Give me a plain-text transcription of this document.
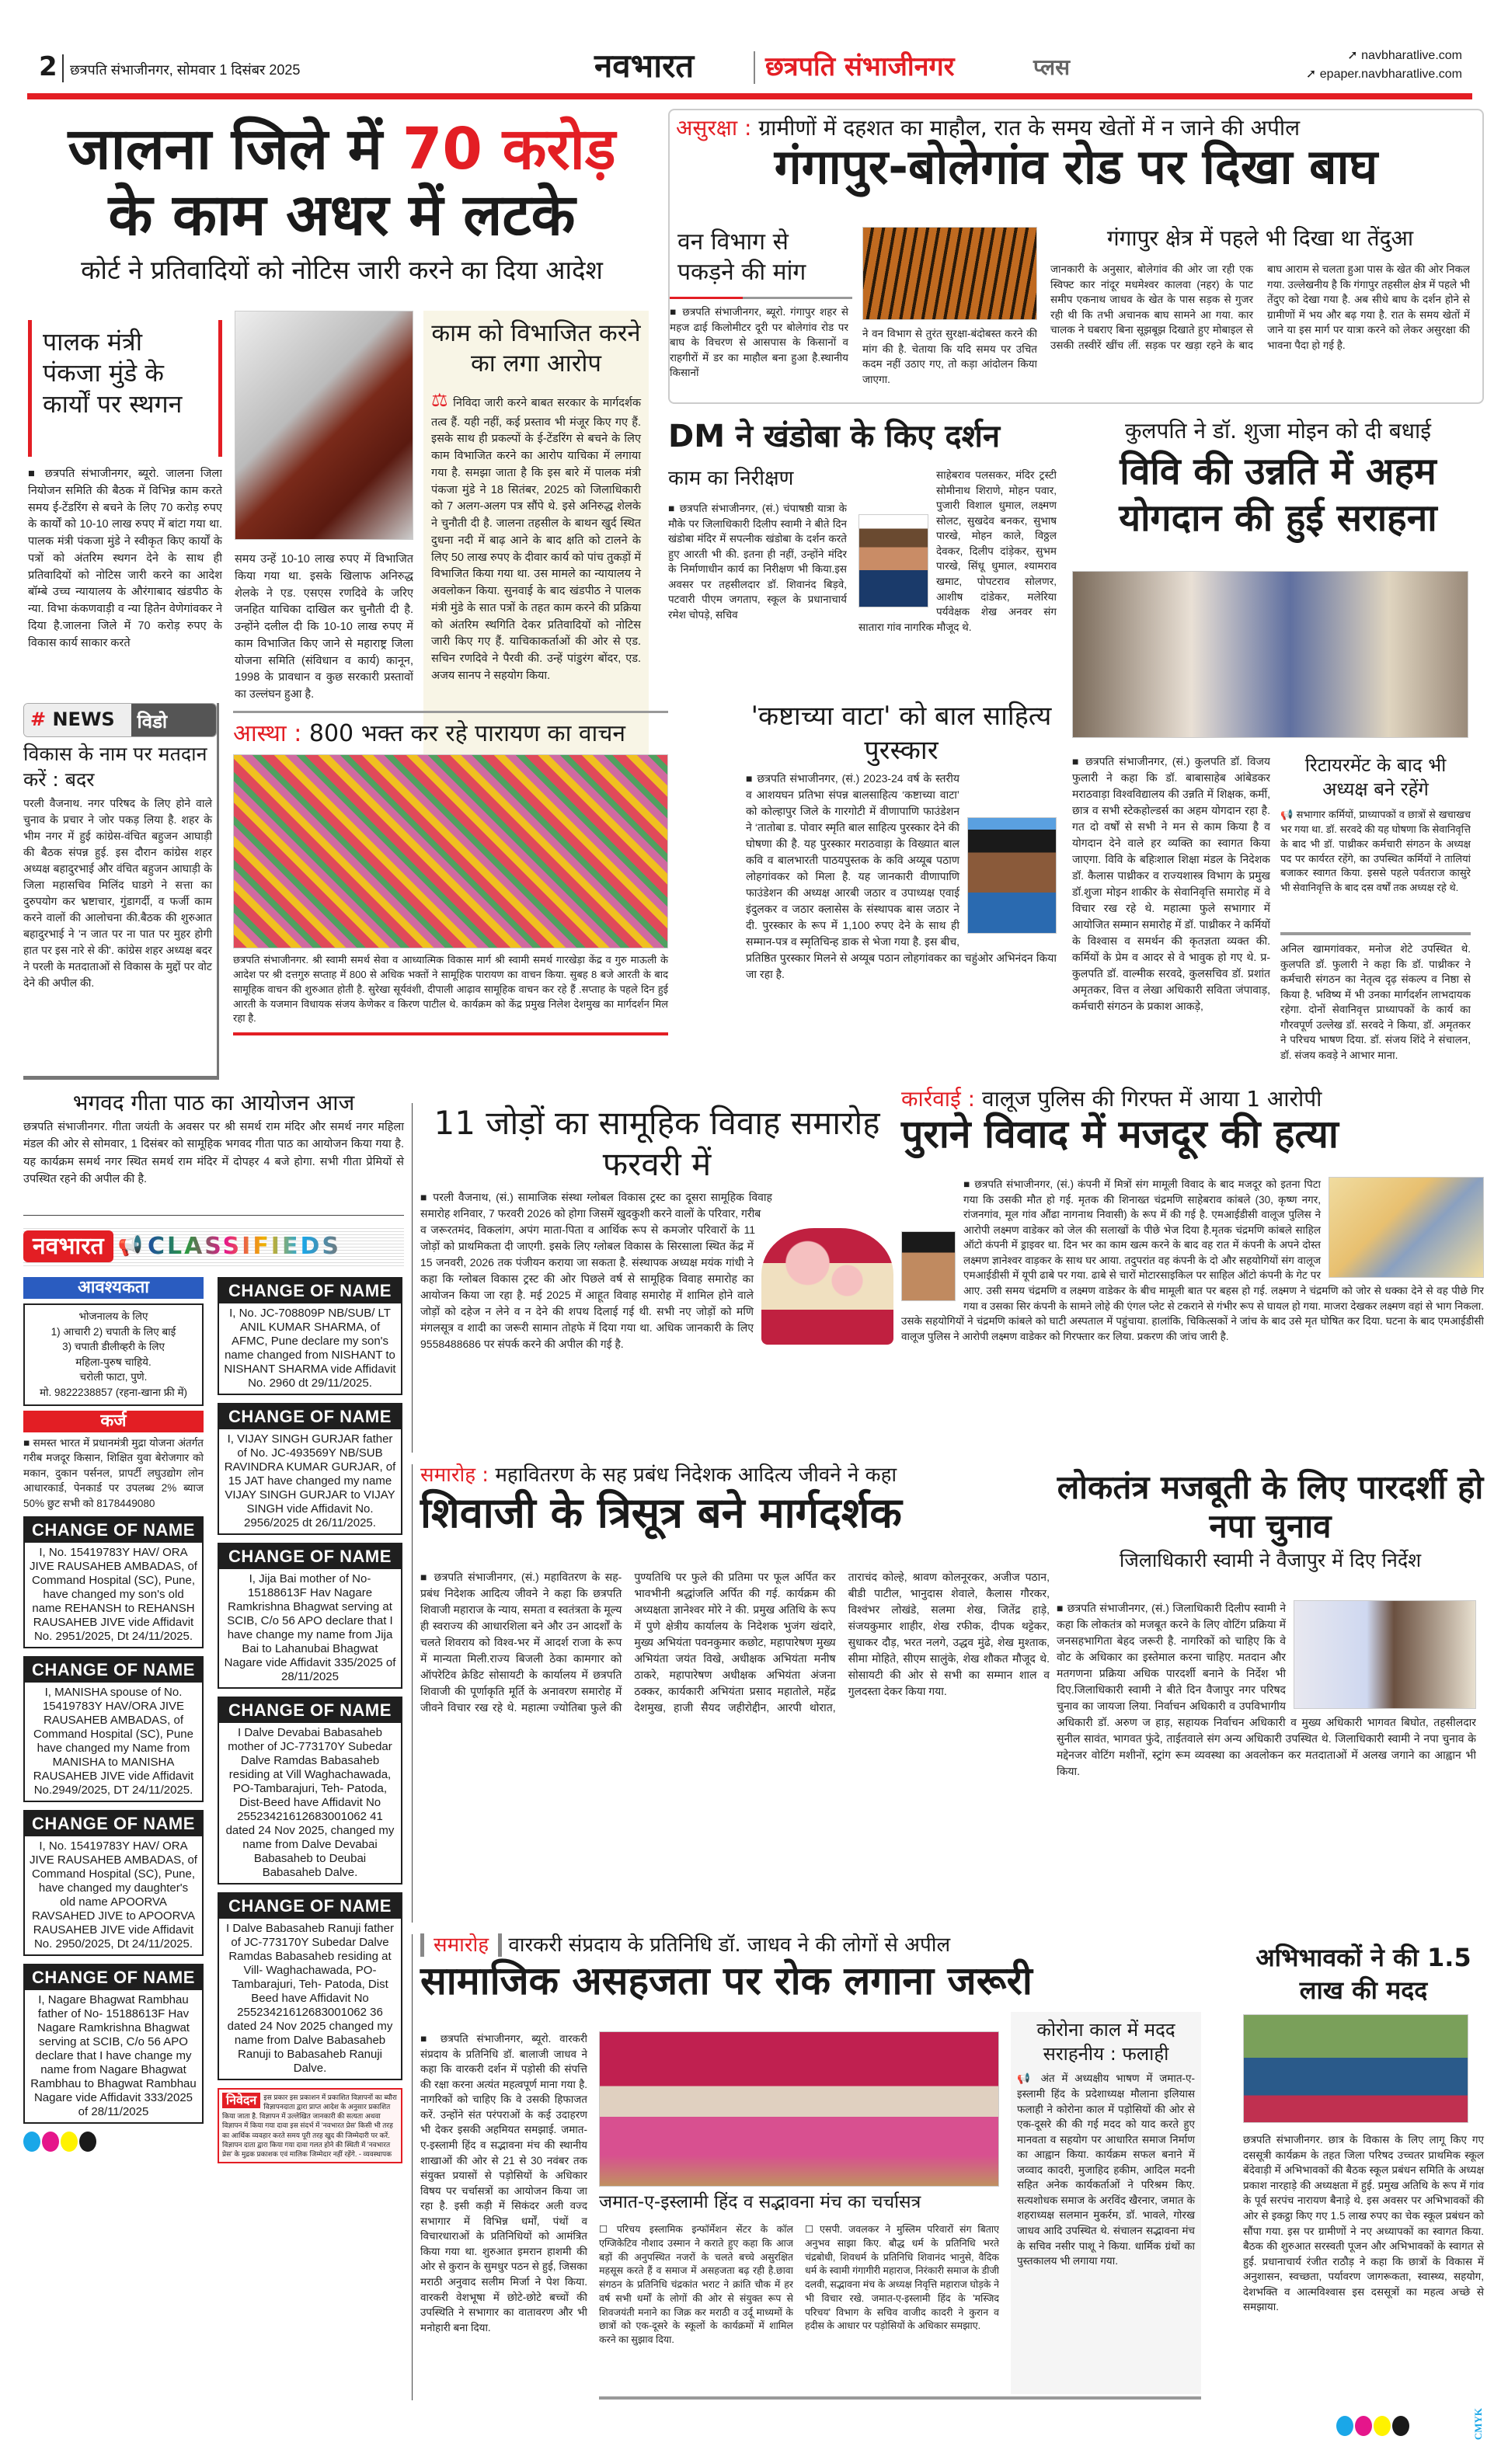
2 छत्रपति संभाजीनगर, सोमवार 1 दिसंबर 2025	नवभारत	छत्रपति संभाजीनगर	प्लस	➚ navbharatlive.com
➚ epaper.navbharatlive.com
जालना जिले में 70 करोड़
के काम अधर में लटके
कोर्ट ने प्रतिवादियों को नोटिस जारी करने का दिया आदेश
पालक मंत्री पंकजा मुंडे के कार्यों पर स्थगन
■ छत्रपति संभाजीनगर, ब्यूरो. जालना जिला नियोजन समिति की बैठक में विभिन्न काम करते समय ई-टेंडरिंग से बचने के लिए 70 करोड़ रुपए के कार्यों को 10-10 लाख रुपए में बांटा गया था. पालक मंत्री पंकजा मुंडे ने स्वीकृत किए कार्यों के पत्रों को अंतरिम स्थगन देने के साथ ही प्रतिवादियों को नोटिस जारी करने का आदेश बॉम्बे उच्च न्यायालय के औरंगाबाद खंडपीठ के न्या. विभा कंकणवाड़ी व न्या हितेन वेणेगांवकर ने दिया है.जालना जिले में 70 करोड़ रुपए के विकास कार्य साकार करते
समय उन्हें 10-10 लाख रुपए में विभाजित किया गया था. इसके खिलाफ अनिरुद्ध शेलके ने एड. एसएस रणदिवे के जरिए जनहित याचिका दाखिल कर चुनौती दी है. उन्होंने दलील दी कि 10-10 लाख रुपए में काम विभाजित किए जाने से महाराष्ट्र जिला योजना समिति (संविधान व कार्य) कानून, 1998 के प्रावधान व कुछ सरकारी प्रस्तावों का उल्लंघन हुआ है.
काम को विभाजित करने का लगा आरोप
⚖ निविदा जारी करने बाबत सरकार के मार्गदर्शक तत्व हैं. यही नहीं, कई प्रस्ताव भी मंजूर किए गए हैं. इसके साथ ही प्रकल्पों के ई-टेंडरिंग से बचने के लिए काम विभाजित करने का आरोप याचिका में लगाया गया है. समझा जाता है कि इस बारे में पालक मंत्री पंकजा मुंडे ने 18 सितंबर, 2025 को जिलाधिकारी को 7 अलग-अलग पत्र सौंपे थे. इसे अनिरुद्ध शेलके ने चुनौती दी है. जालना तहसील के बाथन खुर्द स्थित दुधना नदी में बाढ़ आने के बाद क्षति को टालने के लिए 50 लाख रुपए के दीवार कार्य को पांच तुकड़ों में विभाजित किया गया था. उस मामले का न्यायालय ने अवलोकन किया. सुनवाई के बाद खंडपीठ ने पालक मंत्री मुंडे के सात पत्रों के तहत काम करने की प्रक्रिया को अंतरिम स्थगिति देकर प्रतिवादियों को नोटिस जारी किए गए हैं. याचिकाकर्ताओं की ओर से एड. सचिन रणदिवे ने पैरवी की. उन्हें पांडुरंग बोंदर, एड. अजय सानप ने सहयोग किया.
असुरक्षा : ग्रामीणों में दहशत का माहौल, रात के समय खेतों में न जाने की अपील
गंगापुर-बोलेगांव रोड पर दिखा बाघ
वन विभाग से पकड़ने की मांग
■ छत्रपति संभाजीनगर, ब्यूरो. गंगापुर शहर से महज ढाई किलोमीटर दूरी पर बोलेगांव रोड पर बाघ के विचरण से आसपास के किसानों व राहगीरों में डर का माहौल बना हुआ है.स्थानीय किसानों
ने वन विभाग से तुरंत सुरक्षा-बंदोबस्त करने की मांग की है. चेताया कि यदि समय पर उचित कदम नहीं उठाए गए, तो कड़ा आंदोलन किया जाएगा.
गंगापुर क्षेत्र में पहले भी दिखा था तेंदुआ
जानकारी के अनुसार, बोलेगांव की ओर जा रही एक स्विफ्ट कार नांदूर मधमेश्वर कालवा (नहर) के पाट समीप एकनाथ जाधव के खेत के पास सड़क से गुजर रही थी कि तभी अचानक बाघ सामने आ गया. कार चालक ने घबराए बिना सूझबूझ दिखाते हुए मोबाइल से उसकी तस्वीरें खींच लीं. सड़क पर खड़ा रहने के बाद बाघ आराम से चलता हुआ पास के खेत की ओर निकल गया. उल्लेखनीय है कि गंगापुर तहसील क्षेत्र में पहले भी तेंदुए को देखा गया है. अब सीधे बाघ के दर्शन होने से ग्रामीणों में भय और बढ़ गया है. रात के समय खेतों में जाने या इस मार्ग पर यात्रा करने को लेकर असुरक्षा की भावना पैदा हो गई है.
DM ने खंडोबा के किए दर्शन
काम का निरीक्षण
■ छत्रपति संभाजीनगर, (सं.) चंपाषष्ठी यात्रा के मौके पर जिलाधिकारी दिलीप स्वामी ने बीते दिन खंडोबा मंदिर में सपत्नीक खंडोबा के दर्शन करते हुए आरती भी की. इतना ही नहीं, उन्होंने मंदिर के निर्माणाधीन कार्य का निरीक्षण भी किया.इस अवसर पर तहसीलदार डॉ. शिवानंद बिड़वे, पटवारी पीएम जगताप, स्कूल के प्रधानाचार्य रमेश चोपड़े, सचिव
साहेबराव पलसकर, मंदिर ट्रस्टी सोमीनाथ शिराणे, मोहन पवार, पुजारी विशाल धुमाल, लक्ष्मण सोलट, सुखदेव बनकर, सुभाष पारखे, मोहन काले, विठ्ठल देवकर, दिलीप दांड़ेकर, सुभम पारखे, सिंधू धुमाल, श्यामराव खमाट, पोपटराव सोलणर, आशीष दांडेकर, मलेरिया पर्यवेक्षक शेख अनवर संग सातारा गांव नागरिक मौजूद थे.
कुलपति ने डॉ. शुजा मोइन को दी बधाई
विवि की उन्नति में अहम योगदान की हुई सराहना
■ छत्रपति संभाजीनगर, (सं.) कुलपति डॉ. विजय फुलारी ने कहा कि डॉ. बाबासाहेब आंबेडकर मराठवाड़ा विश्वविद्यालय की उन्नति में शिक्षक, कर्मी, छात्र व सभी स्टेकहोल्डर्स का अहम योगदान रहा है. गत दो वर्षों से सभी ने मन से काम किया है व योगदान देने वाले हर व्यक्ति का स्वागत किया जाएगा. विवि के बहिःशाल शिक्षा मंडल के निदेशक डॉ. कैलास पाथ्रीकर व राज्यशास्त्र विभाग के प्रमुख डॉ.शुजा मोइन शाकीर के सेवानिवृत्ति समारोह में वे विचार रख रहे थे. महात्मा फुले सभागार में आयोजित सम्मान समारोह में डॉ. पाथ्रीकर ने कर्मियों के विश्वास व समर्थन की कृतज्ञता व्यक्त की. कर्मियों के प्रेम व आदर से वे भावुक हो गए थे. प्र-कुलपति डॉ. वाल्मीक सरवदे, कुलसचिव डॉ. प्रशांत अमृतकर, वित्त व लेखा अधिकारी सविता जंपावाड़, कर्मचारी संगठन के प्रकाश आकड़े,
रिटायरमेंट के बाद भी अध्यक्ष बने रहेंगे
📢 सभागार कर्मियों, प्राध्यापकों व छात्रों से खचाखच भर गया था. डॉ. सरवदे की यह घोषणा कि सेवानिवृत्ति के बाद भी डॉ. पाथ्रीकर कर्मचारी संगठन के अध्यक्ष पद पर कार्यरत रहेंगे, का उपस्थित कर्मियों ने तालियां बजाकर स्वागत किया. इससे पहले पर्वतराज कासुरे भी सेवानिवृत्ति के बाद दस वर्षों तक अध्यक्ष रहे थे.
अनिल खामगांवकर, मनोज शेटे उपस्थित थे. कुलपति डॉ. फुलारी ने कहा कि डॉ. पाथ्रीकर ने कर्मचारी संगठन का नेतृत्व दृढ़ संकल्प व निष्ठा से किया है. भविष्य में भी उनका मार्गदर्शन लाभदायक रहेगा. दोनों सेवानिवृत्त प्राध्यापकों के कार्य का गौरवपूर्ण उल्लेख डॉ. सरवदे ने किया, डॉ. अमृतकर ने परिचय भाषण दिया. डॉ. संजय शिंदे ने संचालन, डॉ. संजय कवड़े ने आभार माना.
# NEWS	विडो
विकास के नाम पर मतदान करें : बदर
परली वैजनाथ. नगर परिषद के लिए होने वाले चुनाव के प्रचार ने जोर पकड़ लिया है. शहर के भीम नगर में हुई कांग्रेस-वंचित बहुजन आघाड़ी की बैठक संपन्न हुई. इस दौरान कांग्रेस शहर अध्यक्ष बहादुरभाई और वंचित बहुजन आघाड़ी के जिला महासचिव मिलिंद घाडगे ने सत्ता का दुरुपयोग कर भ्रष्टाचार, गुंडागर्दी, व फर्जी काम करने वालों की आलोचना की.बैठक की शुरुआत बहादुरभाई ने 'न जात पर ना पात पर मुहर होगी हात पर इस नारे से की'. कांग्रेस शहर अध्यक्ष बदर ने परली के मतदाताओं से विकास के मुद्दों पर वोट देने की अपील की.
आस्था : 800 भक्त कर रहे पारायण का वाचन
छत्रपति संभाजीनगर. श्री स्वामी समर्थ सेवा व आध्यात्मिक विकास मार्ग श्री स्वामी समर्थ गारखेड़ा केंद्र व गुरु माऊली के आदेश पर श्री दत्तगुरु सप्ताह में 800 से अधिक भक्तों ने सामूहिक पारायण का वाचन किया. सुबह 8 बजे आरती के बाद सामूहिक वाचन की शुरुआत होती है. सुरेखा सूर्यवंशी, दीपाली आढ़ाव सामूहिक वाचन कर रहे हैं .सप्ताह के पहले दिन हुई आरती के यजमान विधायक संजय केणेकर व किरण पाटील थे. कार्यक्रम को केंद्र प्रमुख निलेश देशमुख का मार्गदर्शन मिल रहा है.
'कष्टाच्या वाटा' को बाल साहित्य पुरस्कार
■ छत्रपति संभाजीनगर, (सं.) 2023-24 वर्ष के स्तरीय व आशयघन प्रतिभा संपन्न बालसाहित्य ‘कष्टाच्या वाटा’ को कोल्हापुर जिले के गारगोटी में वीणापाणि फाउंडेशन ने ‘तातोबा ड. पोवार स्मृति बाल साहित्य पुरस्कार देने की घोषणा की है. यह पुरस्कार मराठवाड़ा के विख्यात बाल कवि व बालभारती पाठयपुस्तक के कवि अय्यूब पठाण लोहगांवकर को मिला है. यह जानकारी वीणापाणि फाउंडेशन की अध्यक्ष आरबी जठार व उपाध्यक्ष एवाई इंदुलकर व जठार क्लासेस के संस्थापक बास जठार ने दी. पुरस्कार के रूप में 1,100 रुपए देने के साथ ही सम्मान-पत्र व स्मृतिचिन्ह डाक से भेजा गया है. इस बीच, प्रतिष्ठित पुरस्कार मिलने से अय्यूब पठान लोहगांवकर का चहुंओर अभिनंदन किया जा रहा है.
भगवद गीता पाठ का आयोजन आज
छत्रपति संभाजीनगर. गीता जयंती के अवसर पर श्री समर्थ राम मंदिर और समर्थ नगर महिला मंडल की ओर से सोमवार, 1 दिसंबर को सामूहिक भगवद गीता पाठ का आयोजन किया गया है. यह कार्यक्रम समर्थ नगर स्थित समर्थ राम मंदिर में दोपहर 4 बजे होगा. सभी गीता प्रेमियों से उपस्थित रहने की अपील की है.
11 जोड़ों का सामूहिक विवाह समारोह फरवरी में
■ परली वैजनाथ, (सं.) सामाजिक संस्था ग्लोबल विकास ट्रस्ट का दूसरा सामूहिक विवाह समारोह शनिवार, 7 फरवरी 2026 को होगा जिसमें खुदकुशी करने वालों के परिवार, गरीब व जरूरतमंद, विकलांग, अपंग माता-पिता व आर्थिक रूप से कमजोर परिवारों के 11 जोड़ों को प्राथमिकता दी जाएगी. इसके लिए ग्लोबल विकास के सिरसाला स्थित केंद्र में 15 जनवरी, 2026 तक पंजीयन कराया जा सकता है. संस्थापक अध्यक्ष मयंक गांधी ने कहा कि ग्लोबल विकास ट्रस्ट की ओर पिछले वर्ष से सामूहिक विवाह समारोह का आयोजन किया जा रहा है. मई 2025 में आहूत विवाह समारोह में शामिल होने वाले जोड़ों को दहेज न लेने व न देने की शपथ दिलाई गई थी. सभी नए जोड़ों को मणि मंगलसूत्र व शादी का जरूरी सामान तोहफे में दिया गया था. अधिक जानकारी के लिए 9558488686 पर संपर्क करने की अपील की गई है.
कार्रवाई : वालूज पुलिस की गिरफ्त में आया 1 आरोपी
पुराने विवाद में मजदूर की हत्या
■ छत्रपति संभाजीनगर, (सं.) कंपनी में मित्रों संग मामूली विवाद के बाद मजदूर को इतना पिटा गया कि उसकी मौत हो गई. मृतक की शिनाख्त चंद्रमणि साहेबराव कांबले (30, कृष्ण नगर, रांजनगांव, मूल गांव औंढा नागनाथ निवासी) के रूप में की गई है. एमआईडीसी वालूज पुलिस ने आरोपी लक्ष्मण वाडेकर को जेल की सलाखों के पीछे भेज दिया है.मृतक चंद्रमणि कांबले साहिल ऑटो कंपनी में ड्राइवर था. दिन भर का काम खत्म करने के बाद वह रात में कंपनी के अपने दोस्त लक्ष्मण ज्ञानेश्वर वाड़कर के साथ घर आया. तदुपरांत वह कंपनी के दो और सहयोगियों संग वालूज एमआईडीसी में यूपी ढाबे पर गया. ढाबे से चारों मोटारसाइकिल पर साहिल ऑटो कंपनी के गेट पर आए. उसी समय चंद्रमणि व लक्ष्मण वाडेकर के बीच मामूली बात पर बहस हो गई. लक्ष्मण ने चंद्रमणि को जोर से धक्का देने से वह पीछे गिर गया व उसका सिर कंपनी के सामने लोहे की एंगल प्लेट से टकराने से गंभीर रूप से घायल हो गया. माजरा देखकर लक्ष्मण वहां से भाग निकला. उसके सहयोगियों ने चंद्रमणि कांबले को घाटी अस्पताल में पहुंचाया. हालांकि, चिकित्सकों ने जांच के बाद उसे मृत घोषित कर दिया. घटना के बाद एमआईडीसी वालूज पुलिस ने आरोपी लक्ष्मण वाडेकर को गिरफ्तार कर लिया. प्रकरण की जांच जारी है.
नवभारत 📢 CLASSIFIEDS
आवश्यकता
भोजनालय के लिए
1) आचारी 2) चपाती के लिए बाई
3) चपाती डीलीव्हरी के लिए
महिला-पुरुष चाहिये.
चरोली फाटा, पुणे.
मो. 9822238857 (रहना-खाना फ्री में)
कर्ज
■ समस्त भारत में प्रधानमंत्री मुद्रा योजना अंतर्गत गरीब मजदूर किसान, शिक्षित युवा बेरोजगार को मकान, दुकान पर्सनल, प्रापर्टी लघुउद्योग लोन आधारकार्ड, पेनकार्ड पर उपलब्ध 2% ब्याज 50% छुट सभी को 8178449080
CHANGE OF NAME
I, No. 15419783Y HAV/ ORA JIVE RAUSAHEB AMBADAS, of Command Hospital (SC), Pune, have changed my son's old name REHANSH to REHANSH RAUSAHEB JIVE vide Affidavit No. 2951/2025, Dt 24/11/2025.
CHANGE OF NAME
I, MANISHA spouse of No. 15419783Y HAV/ORA JIVE RAUSAHEB AMBADAS, of Command Hospital (SC), Pune have changed my Name from MANISHA to MANISHA RAUSAHEB JIVE vide Affidavit No.2949/2025, DT 24/11/2025.
CHANGE OF NAME
I, No. 15419783Y HAV/ ORA JIVE RAUSAHEB AMBADAS, of Command Hospital (SC), Pune, have changed my daughter's old name APOORVA RAVSAHED JIVE to APOORVA RAUSAHEB JIVE vide Affidavit No. 2950/2025, Dt 24/11/2025.
CHANGE OF NAME
I, Nagare Bhagwat Rambhau father of No- 15188613F Hav Nagare Ramkrishna Bhagwat serving at SCIB, C/o 56 APO declare that I have change my name from Nagare Bhagwat Rambhau to Bhagwat Rambhau Nagare vide Affidavit 333/2025 of 28/11/2025
CHANGE OF NAME
I, No. JC-708809P NB/SUB/ LT ANIL KUMAR SHARMA, of AFMC, Pune declare my son's name changed from NISHANT to NISHANT SHARMA vide Affidavit No. 2960 dt 29/11/2025.
CHANGE OF NAME
I, VIJAY SINGH GURJAR father of No. JC-493569Y NB/SUB RAVINDRA KUMAR GURJAR, of 15 JAT have changed my name VIJAY SINGH GURJAR to VIJAY SINGH vide Affidavit No. 2956/2025 dt 26/11/2025.
CHANGE OF NAME
I, Jija Bai mother of No- 15188613F Hav Nagare Ramkrishna Bhagwat serving at SCIB, C/o 56 APO declare that I have change my name from Jija Bai to Lahanubai Bhagwat Nagare vide Affidavit 335/2025 of 28/11/2025
CHANGE OF NAME
I Dalve Devabai Babasaheb mother of JC-773170Y Subedar Dalve Ramdas Babasaheb residing at Vill Waghachawada, PO-Tambarajuri, Teh- Patoda, Dist-Beed have Affidavit No 25523421612683001062 41 dated 24 Nov 2025, changed my name from Dalve Devabai Babasaheb to Deubai Babasaheb Dalve.
CHANGE OF NAME
I Dalve Babasaheb Ranuji father of JC-773170Y Subedar Dalve Ramdas Babasaheb residing at Vill- Waghachawada, PO-Tambarajuri, Teh- Patoda, Dist Beed have Affidavit No 25523421612683001062 36 dated 24 Nov 2025 changed my name from Dalve Babasaheb Ranuji to Babasaheb Ranuji Dalve.
निवेदन	इस प्रकार इस प्रकाशन में प्रकाशित विज्ञापनों का ब्यौरा विज्ञापनदाता द्वारा प्राप्त आदेश के अनुसार प्रकाशित किया जाता है. विज्ञापन में उल्लेखित जानकारी की सत्यता अथवा विज्ञापन में किया गया दावा इस संदर्भ में 'नवभारत प्रेस' किसी भी तरह का आर्थिक व्यवहार करते समय पूरी तरह खुद की जिम्मेदारी पर करें. विज्ञापन दाता द्वारा किया गया दावा गलत होने की स्थिती में 'नवभारत प्रेस' के मुद्रक प्रकाशक एवं मालिक जिम्मेदार नहीं रहेंगे. - व्यवस्थापक
समारोह : महावितरण के सह प्रबंध निदेशक आदित्य जीवने ने कहा
शिवाजी के त्रिसूत्र बने मार्गदर्शक
■ छत्रपति संभाजीनगर, (सं.) महावितरण के सह-प्रबंध निदेशक आदित्य जीवने ने कहा कि छत्रपति शिवाजी महाराज के न्याय, समता व स्वतंत्रता के मूल्य ही स्वराज्य की आधारशिला बने और उन आदर्शों के चलते शिवराय को विश्व-भर में आदर्श राजा के रूप में मान्यता मिली.राज्य बिजली ठेका कामगार को ऑपरेटिव क्रेडिट सोसायटी के कार्यालय में छत्रपति शिवाजी की पूर्णाकृति मूर्ति के अनावरण समारोह में जीवने विचार रख रहे थे. महात्मा ज्योतिबा फुले की पुण्यतिथि पर फुले की प्रतिमा पर फूल अर्पित कर भावभीनी श्रद्धांजलि अर्पित की गई. कार्यक्रम की अध्यक्षता ज्ञानेश्वर मोरे ने की. प्रमुख अतिथि के रूप में पुणे क्षेत्रीय कार्यालय के निदेशक भुजंग खंदारे, मुख्य अभियंता पवनकुमार कछोट, महापारेषण मुख्य अभियंता जयंत विखे, अधीक्षक अभियंता मनीष ठाकरे, महापारेषण अधीक्षक अभियंता अंजना ठक्कर, कार्यकारी अभियंता प्रसाद महातोले, महेंद्र देशमुख, हाजी सैयद जहीरोद्दीन, आरपी थोरात, ताराचंद कोल्हे, श्रावण कोलनूरकर, अजीज पठान, बीडी पाटील, भानुदास शेवाले, कैलास गौरकर, विश्वंभर लोखंडे, सलमा शेख, जितेंद्र हाड़े, संजयकुमार शाहीर, शेख रफीक, दीपक थट्टेकर, सुधाकर दौड़, भरत नलगे, उद्धव मुंढे, शेख मुश्ताक, सीमा मोहिते, सीएम सालुंके, शेख शौकत मौजूद थे. सोसायटी की ओर से सभी का सम्मान शाल व गुलदस्ता देकर किया गया.
लोकतंत्र मजबूती के लिए पारदर्शी हो नपा चुनाव
जिलाधिकारी स्वामी ने वैजापुर में दिए निर्देश
■ छत्रपति संभाजीनगर, (सं.) जिलाधिकारी दिलीप स्वामी ने कहा कि लोकतंत्र को मजबूत करने के लिए वोटिंग प्रक्रिया में जनसहभागिता बेहद जरूरी है. नागरिकों को चाहिए कि वे वोट के अधिकार का इस्तेमाल करना चाहिए. मतदान और मतगणना प्रक्रिया अधिक पारदर्शी बनाने के निर्देश भी दिए.जिलाधिकारी स्वामी ने बीते दिन वैजापुर नगर परिषद चुनाव का जायजा लिया. निर्वाचन अधिकारी व उपविभागीय अधिकारी डॉ. अरुण ज हाड़, सहायक निर्वाचन अधिकारी व मुख्य अधिकारी भागवत बिघोत, तहसीलदार सुनील सावंत, भागवत फुंदे, ताईतवाले संग अन्य अधिकारी उपस्थित थे. जिलाधिकारी स्वामी ने नपा चुनाव के मद्देनजर वोटिंग मशीनों, स्ट्रांग रूम व्यवस्था का अवलोकन कर मतदाताओं में अलख जगाने का आह्वान भी किया.
समारोह वारकरी संप्रदाय के प्रतिनिधि डॉ. जाधव ने की लोगों से अपील
सामाजिक असहजता पर रोक लगाना जरूरी
■ छत्रपति संभाजीनगर, ब्यूरो. वारकरी संप्रदाय के प्रतिनिधि डॉ. बालाजी जाधव ने कहा कि वारकरी दर्शन में पड़ोसी की संपत्ति की रक्षा करना अत्यंत महत्वपूर्ण माना गया है. नागरिकों को चाहिए कि वे उसकी हिफाजत करें. उन्होंने संत परंपराओं के कई उदाहरण भी देकर इसकी अहमियत समझाई. जमात-ए-इस्लामी हिंद व सद्भावना मंच की स्थानीय शाखाओं की ओर से 21 से 30 नवंबर तक संयुक्त प्रयासों से पड़ोसियों के अधिकार विषय पर चर्चासत्रों का आयोजन किया जा रहा है. इसी कड़ी में सिकंदर अली वज्द सभागार में विभिन्न धर्मों, पंथों व विचारधाराओं के प्रतिनिधियों को आमंत्रित किया गया था. शुरुआत इमरान हाशमी की ओर से कुरान के सुमधुर पठन से हुई, जिसका मराठी अनुवाद सलीम मिर्जा ने पेश किया. वारकरी वेशभूषा में छोटे-छोटे बच्चों की उपस्थिति ने सभागार का वातावरण और भी मनोहारी बना दिया.
जमात-ए-इस्लामी हिंद व सद्भावना मंच का चर्चासत्र
☐ परिचय इस्लामिक इन्फॉर्मेशन सेंटर के कॉल एग्जिकेटिव नौशाद उस्मान ने कराते हुए कहा कि आज बड़ों की अनुपस्थित नजरों के चलते बच्चे असुरक्षित महसूस करते हैं व समाज में असहजता बढ़ रही है.छावा संगठन के प्रतिनिधि चंद्रकांत भराट ने क्रांति चौक में हर वर्ष सभी धर्मों के लोगों की ओर से संयुक्त रूप से शिवजयंती मनाने का जिक्र कर मराठी व उर्दू माध्यमों के छात्रों को एक-दूसरे के स्कूलों के कार्यक्रमों में शामिल करने का सुझाव दिया.
☐ एसपी. जवलकर ने मुस्लिम परिवारों संग बिताए अनुभव साझा किए. बौद्ध धर्म के प्रतिनिधि भरते चंद्रबोधी, शिवधर्म के प्रतिनिधि शिवानंद भानुसे, वैदिक धर्म के स्वामी गंगागीरी महाराज, निरंकारी समाज के डीजी दलवी, सद्भावना मंच के अध्यक्ष निवृत्ति महाराज घोड़के ने भी विचार रखे. जमात-ए-इस्लामी हिंद के 'मस्जिद परिचय' विभाग के सचिव वाजीद कादरी ने कुरान व हदीस के आधार पर पड़ोसियों के अधिकार समझाए.
कोरोना काल में मदद सराहनीय : फलाही
📢 अंत में अध्यक्षीय भाषण में जमात-ए-इस्लामी हिंद के प्रदेशाध्यक्ष मौलाना इलियास फलाही ने कोरोना काल में पड़ोसियों की ओर से एक-दूसरे की की गई मदद को याद करते हुए मानवता व सहयोग पर आधारित समाज निर्माण का आह्वान किया. कार्यक्रम सफल बनाने में जव्वाद कादरी, मुजाहिद हकीम, आदिल मदनी सहित अनेक कार्यकर्ताओं ने परिश्रम किए. सत्यशोधक समाज के अरविंद खैरनार, जमात के शहराध्यक्ष सलमान मुकर्रम, डॉ. भावले, गोरख जाधव आदि उपस्थित थे. संचालन सद्भावना मंच के सचिव नसीर पाशू ने किया. धार्मिक ग्रंथों का पुस्तकालय भी लगाया गया.
अभिभावकों ने की 1.5 लाख की मदद
छत्रपति संभाजीनगर. छात्र के विकास के लिए लागू किए गए दससूत्री कार्यक्रम के तहत जिला परिषद उच्चतर प्राथमिक स्कूल बेंदेवाड़ी में अभिभावकों की बैठक स्कूल प्रबंधन समिति के अध्यक्ष प्रकाश नारहाड़े की अध्यक्षता में हुई. प्रमुख अतिथि के रूप में गांव के पूर्व सरपंच नारायण बैनाड़े थे. इस अवसर पर अभिभावकों की ओर से इकट्ठा किए गए 1.5 लाख रुपए का चेक स्कूल प्रबंधन को सौंपा गया. इस पर ग्रामीणों ने नए अध्यापकों का स्वागत किया. बैठक की शुरुआत सरस्वती पूजन और अभिभावकों के स्वागत से हुई. प्रधानाचार्य रंजीत राठौड़ ने कहा कि छात्रों के विकास में अनुशासन, स्वच्छता, पर्यावरण जागरूकता, स्वास्थ्य, सहयोग, देशभक्ति व आत्मविश्वास इस दससूत्रों का महत्व अच्छे से समझाया.
CMYK
